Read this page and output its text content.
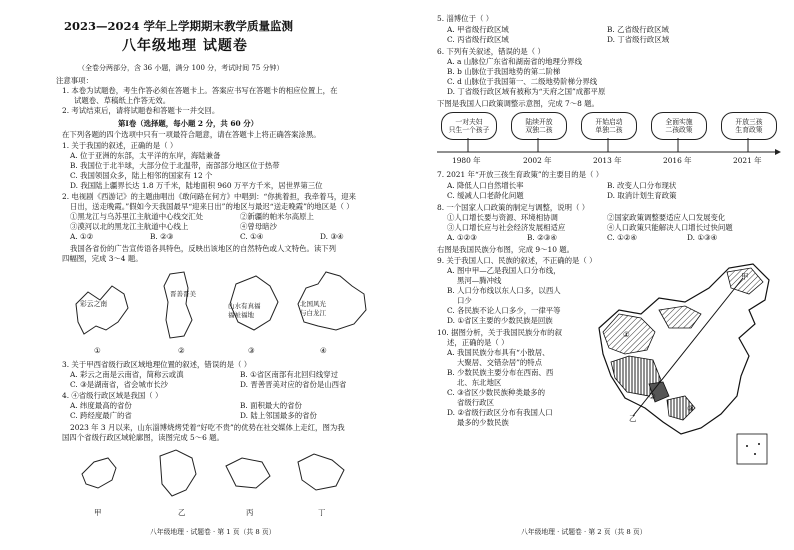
2023—2024 学年上学期期末教学质量监测
八年级地理 试题卷
（全卷分两部分，含 36 小题，满分 100 分，考试时间 75 分钟）
注意事项：
1. 本卷为试题卷，考生作答必须在答题卡上。答案应书写在答题卡的相应位置上，在
试题卷、草稿纸上作答无效。
2. 考试结束后，请将试题卷和答题卡一并交回。
第Ⅰ卷（选择题，每小题 2 分，共 60 分）
在下列各题的四个选项中只有一项最符合题意，请在答题卡上将正确答案涂黑。
1. 关于我国的叙述，正确的是（ ）
A. 位于亚洲的东部，太平洋的东岸，海陆兼备
B. 我国位于北半球，大部分位于北温带，南部部分地区位于热带
C. 我国领国众多，陆上相邻的国家有 12 个
D. 我国陆上疆界长达 1.8 万千米，陆地面积 960 万平方千米，居世界第三位
2. 电视剧《西游记》的主题曲唱出《敢问路在何方》中唱到：“你挑着担，我牵着马，迎来
日出，送走晚霞。”假如今天我国最早“迎来日出”的地区与最迟“送走晚霞”的地区是（ ）
①黑龙江与乌苏里江主航道中心线交汇处	②新疆的帕米尔高原上
③漠河以北的黑龙江主航道中心线上	④曾母暗沙
A. ①②	B. ②③	C. ①④	D. ③④
我国各省份的广告宣传语各具特色，反映出该地区的自然特色或人文特色。读下列
四幅图，完成 3～4 题。
彩云之南
晋善晋美
山水有真福
福祉福地
北国风光
与白龙江
①	②	③	④
3. 关于甲西省级行政区域地理位置的叙述，错误的是（ ）
A. 彩云之南是云南省，简称云或滇	B. ①省区南部有北回归线穿过
C. ③是湖南省，省会城市长沙	D. 晋善晋美对应的省份是山西省
4. ④省级行政区域是我国（ ）
A. 纬度最高的省份	B. 面积最大的省份
C. 跨经度最广的省	D. 陆上邻国最多的省份
2023 年 3 月以来，山东淄博烧烤凭着“好吃不贵”的优势在社交媒体上走红，图为我
国四个省级行政区域轮廓图，读图完成 5～6 题。
甲	乙	丙	丁
八年级地理 · 试题卷 · 第 1 页（共 8 页）
5. 淄博位于（ ）
A. 甲省级行政区域	B. 乙省级行政区域
C. 丙省级行政区域	D. 丁省级行政区域
6. 下列有关叙述，错误的是（ ）
A. a 山脉位广东省和湖南省的地理分界线
B. b 山脉位于我国地势的第二阶梯
C. d 山脉位于我国第一、二级地势阶梯分界线
D. 丁省级行政区域有被称为“天府之国”成都平原
下图是我国人口政策调整示意图，完成 7～8 题。
一对夫妇
只生一个孩子
陆续开放
双独二孩
开始启动
单独二孩
全面实施
二孩政策
开放三孩
生育政策
1980 年	2002 年	2013 年	2016 年	2021 年
7. 2021 年“开放三孩生育政策”的主要目的是（ ）
A. 降低人口自然增长率	B. 改变人口分布现状
C. 缓减人口老龄化问题	D. 取消计划生育政策
8. 一个国家人口政策的制定与调整，说明（ ）
①人口增长要与资源、环境相协调	②国家政策调整要适应人口发展变化
③人口增长应与社会经济发展相适应	④人口政策只能解决人口增长过快问题
A. ①②③	B. ②③④	C. ①②④	D. ①③④
右图是我国民族分布图，完成 9～10 题。
9. 关于我国人口、民族的叙述，不正确的是（ ）
A. 图中甲—乙是我国人口分布线，
黑河—腾冲线
B. 人口分布线以东人口多，以西人
口少
C. 各民族不论人口多少，一律平等
D. ①省区主要的少数民族是回族
10. 据图分析，关于我国民族分布的叙
述，正确的是（ ）
A. 我国民族分布具有“小散居、
大聚居、交错杂居”的特点
B. 少数民族主要分布在西南、西
北、东北地区
C. ③省区少数民族种类最多的
省级行政区
D. ②省级行政区分布有我国人口
最多的少数民族
甲
乙
①
②
③
八年级地理 · 试题卷 · 第 2 页（共 8 页）
